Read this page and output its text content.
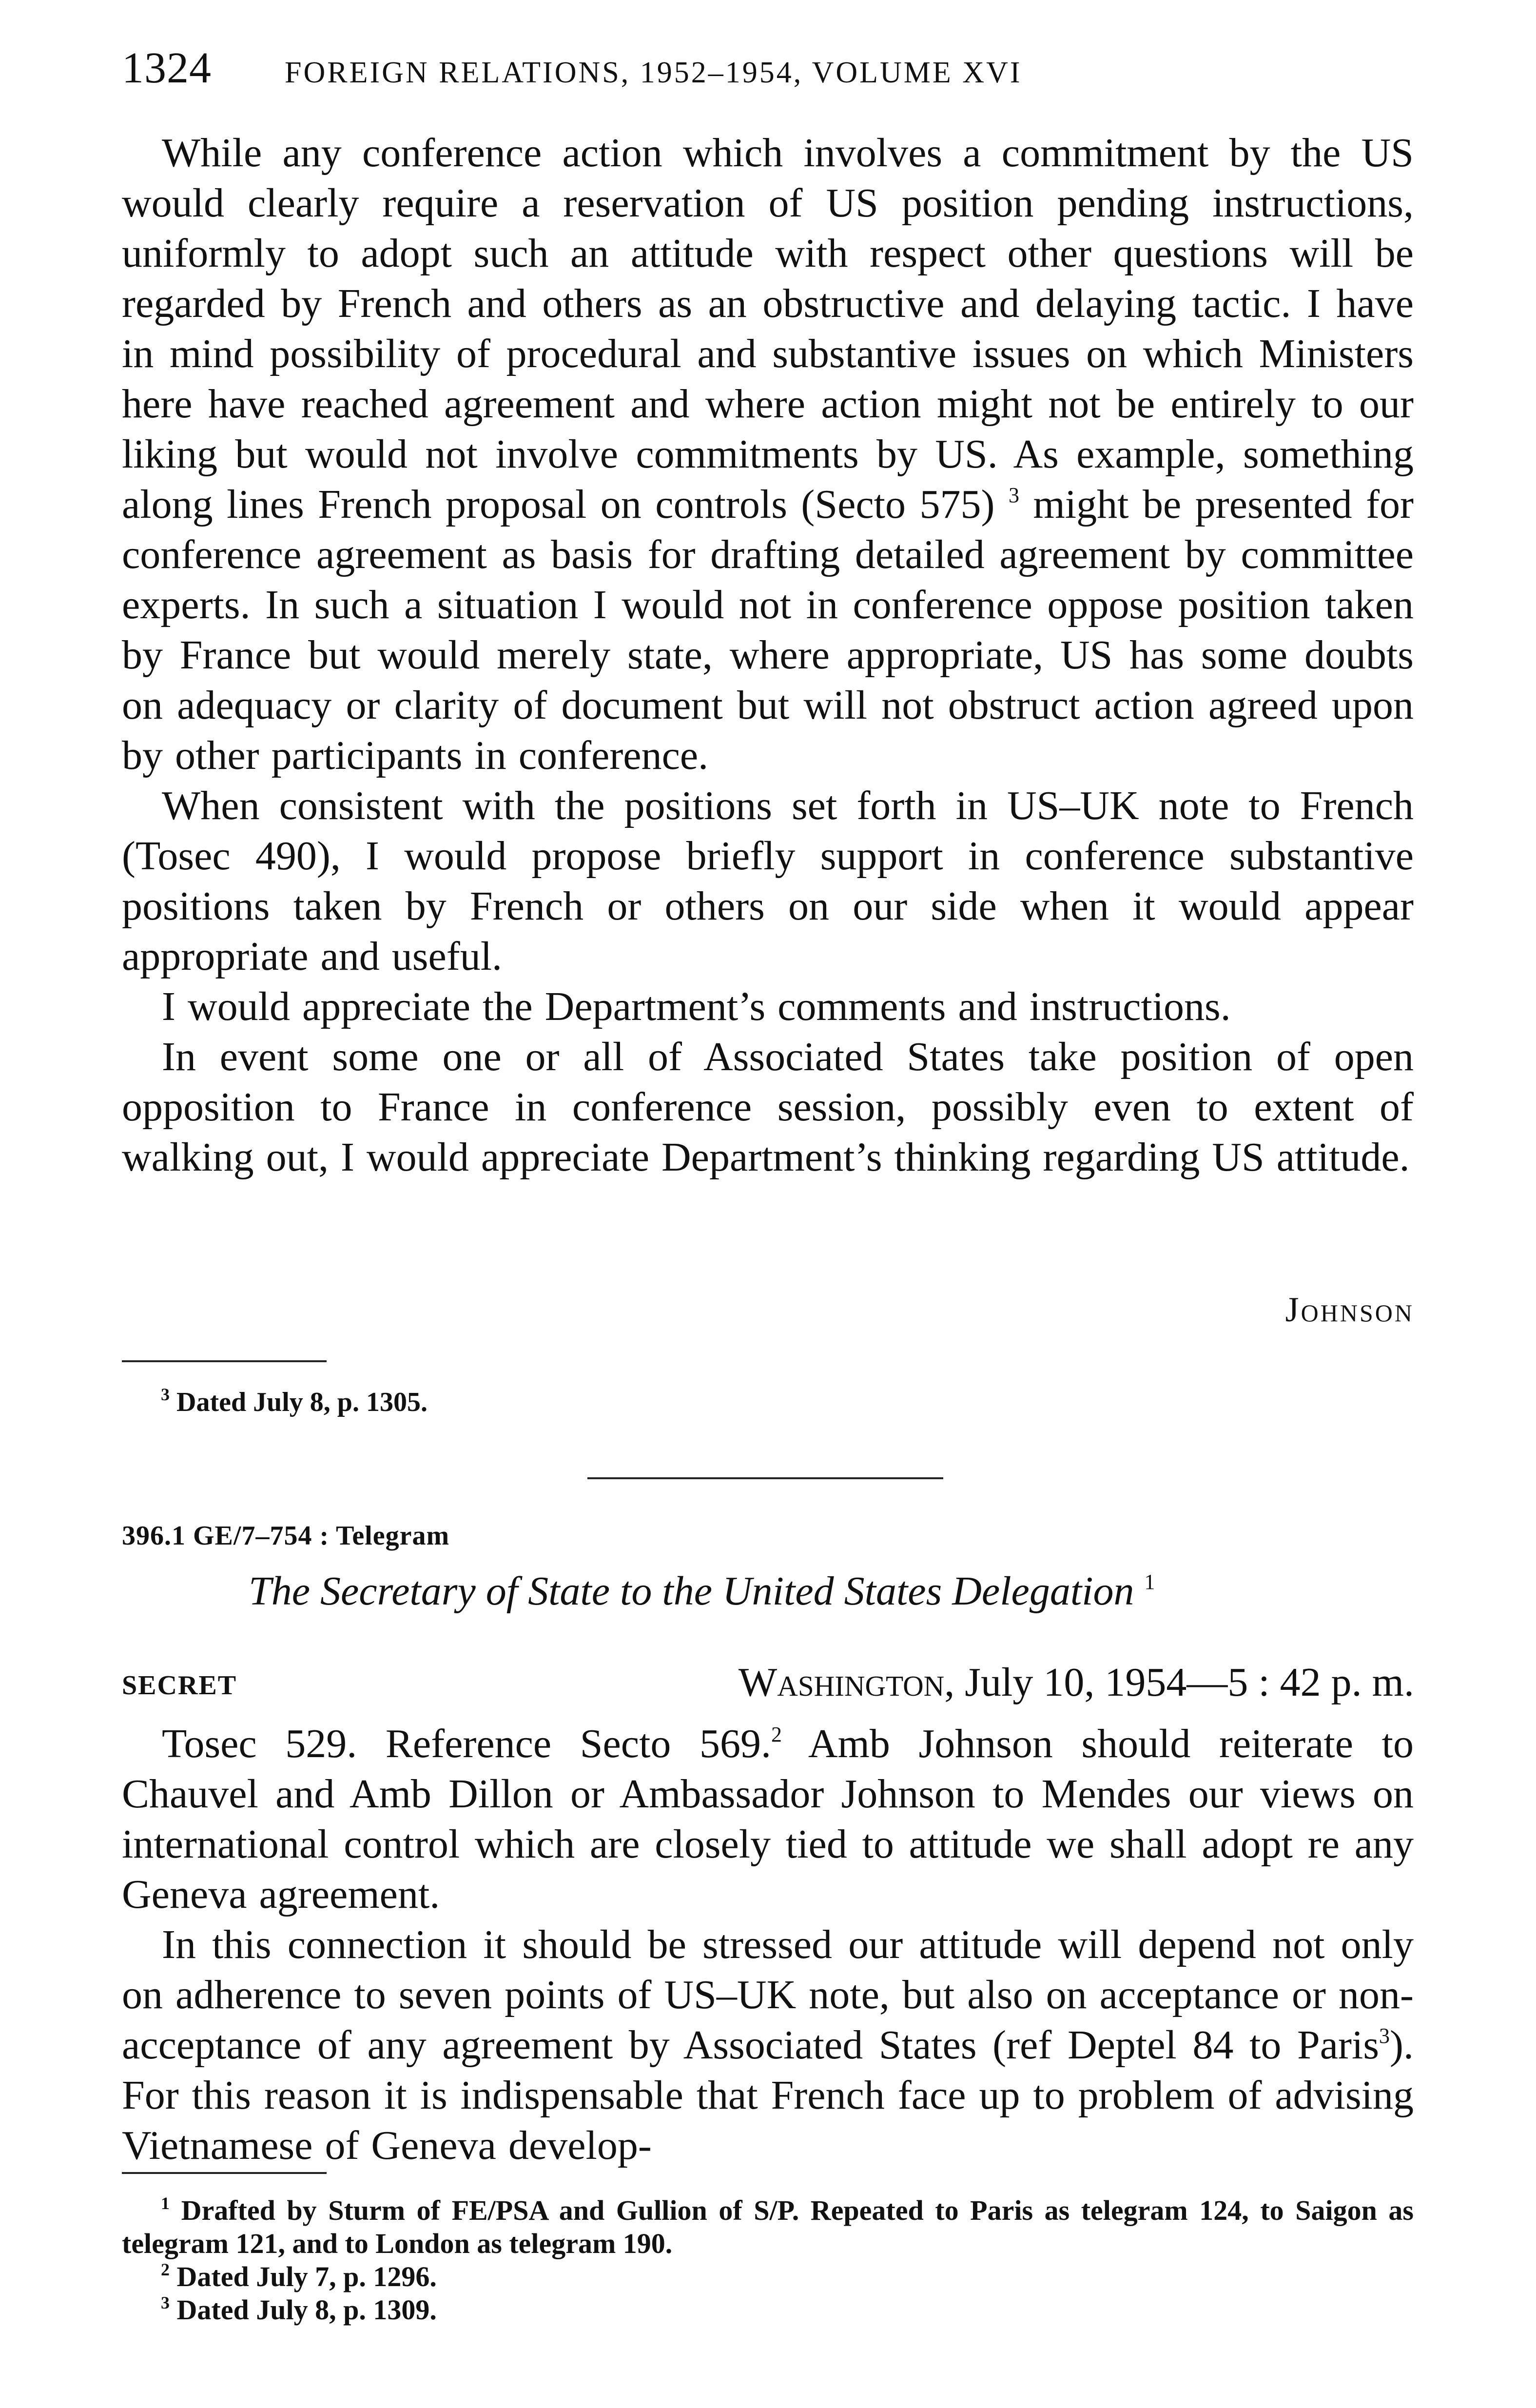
1324 FOREIGN RELATIONS, 1952–1954, VOLUME XVI

While any conference action which involves a commitment by the US would clearly require a reservation of US position pending instructions, uniformly to adopt such an attitude with respect other questions will be regarded by French and others as an obstructive and delaying tactic. I have in mind possibility of procedural and substantive issues on which Ministers here have reached agreement and where action might not be entirely to our liking but would not involve commitments by US. As example, something along lines French proposal on controls (Secto 575) $^3$ might be presented for conference agreement as basis for drafting detailed agreement by committee experts. In such a situation I would not in conference oppose position taken by France but would merely state, where appropriate, US has some doubts on adequacy or clarity of document but will not obstruct action agreed upon by other participants in conference.

When consistent with the positions set forth in US–UK note to French (Tosec 490), I would propose briefly support in conference substantive positions taken by French or others on our side when it would appear appropriate and useful.

I would appreciate the Department’s comments and instructions.

In event some one or all of Associated States take position of open opposition to France in conference session, possibly even to extent of walking out, I would appreciate Department’s thinking regarding US attitude.

Johnson
$^3$ Dated July 8, p. 1305.
396.1 GE/7–754 : Telegram
The Secretary of State to the United States Delegation $^1$
SECRET	Washington, July 10, 1954—5 : 42 p. m.

Tosec 529. Reference Secto 569.$^2$ Amb Johnson should reiterate to Chauvel and Amb Dillon or Ambassador Johnson to Mendes our views on international control which are closely tied to attitude we shall adopt re any Geneva agreement.

In this connection it should be stressed our attitude will depend not only on adherence to seven points of US–UK note, but also on acceptance or non-acceptance of any agreement by Associated States (ref Deptel 84 to Paris$^3$). For this reason it is indispensable that French face up to problem of advising Vietnamese of Geneva develop-

$^1$ Drafted by Sturm of FE/PSA and Gullion of S/P. Repeated to Paris as telegram 124, to Saigon as telegram 121, and to London as telegram 190.

$^2$ Dated July 7, p. 1296.

$^3$ Dated July 8, p. 1309.
